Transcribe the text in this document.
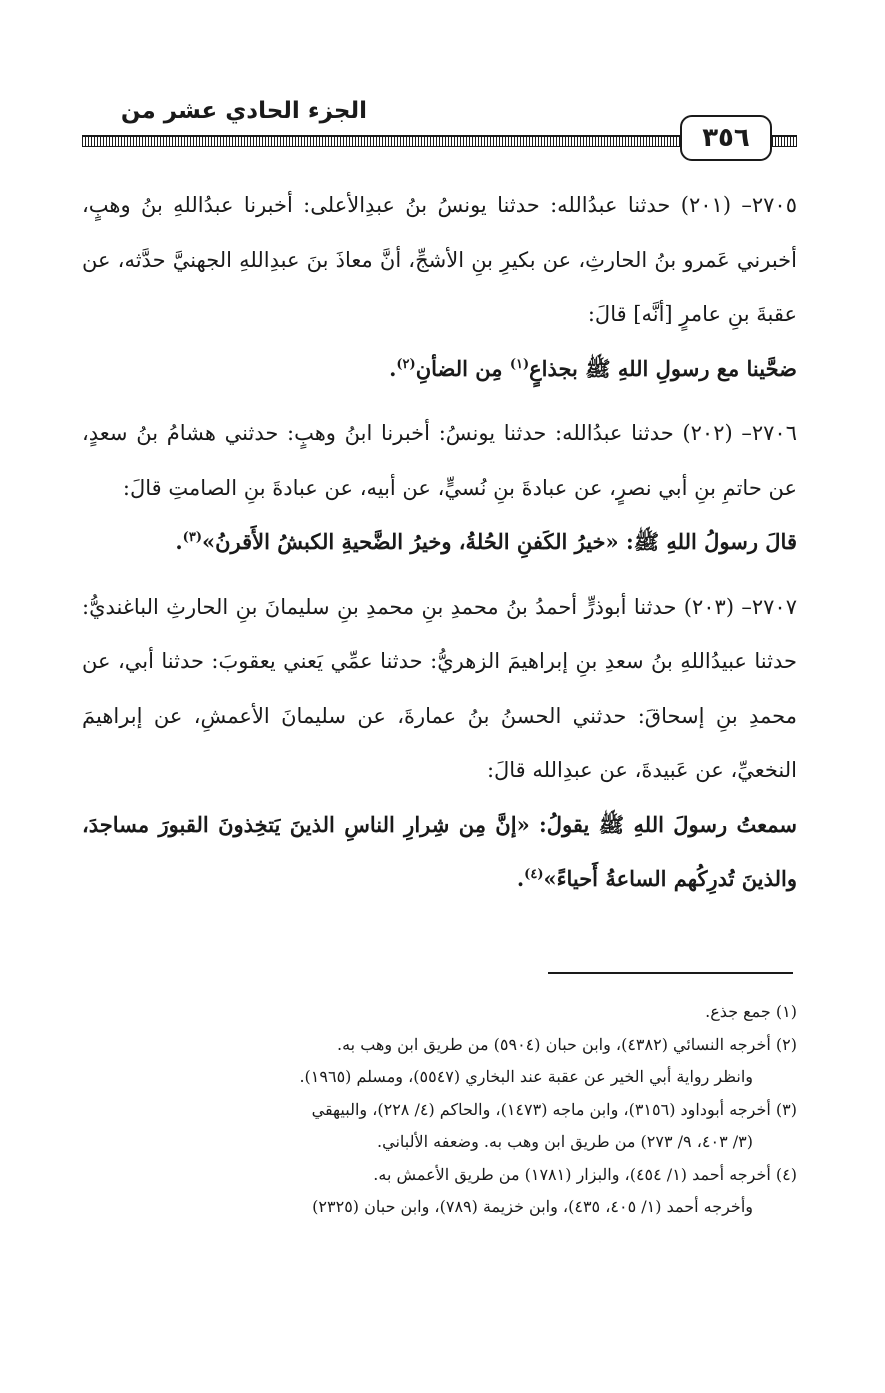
الجزء الحادي عشر من
٣٥٦

٢٧٠٥– (٢٠١) حدثنا عبدُالله: حدثنا يونسُ بنُ عبدِالأعلى: أخبرنا عبدُاللهِ بنُ وهبٍ، أخبرني عَمرو بنُ الحارثِ، عن بكيرِ بنِ الأشجِّ، أنَّ معاذَ بنَ عبدِاللهِ الجهنيَّ حدَّثه، عن عقبةَ بنِ عامرٍ [أنَّه] قالَ:

ضحَّينا مع رسولِ اللهِ ﷺ بجذاعٍ$^{(١)}$ مِن الضأنِ$^{(٢)}$.

٢٧٠٦– (٢٠٢) حدثنا عبدُالله: حدثنا يونسُ: أخبرنا ابنُ وهبٍ: حدثني هشامُ بنُ سعدٍ، عن حاتمِ بنِ أبي نصرٍ، عن عبادةَ بنِ نُسيٍّ، عن أبيه، عن عبادةَ بنِ الصامتِ قالَ:

قالَ رسولُ اللهِ ﷺ: «خيرُ الكَفنِ الحُلةُ، وخيرُ الضَّحيةِ الكبشُ الأَقرنُ»$^{(٣)}$.

٢٧٠٧– (٢٠٣) حدثنا أبوذرٍّ أحمدُ بنُ محمدِ بنِ محمدِ بنِ سليمانَ بنِ الحارثِ الباغنديُّ: حدثنا عبيدُاللهِ بنُ سعدِ بنِ إبراهيمَ الزهريُّ: حدثنا عمِّي يَعني يعقوبَ: حدثنا أبي، عن محمدِ بنِ إسحاقَ: حدثني الحسنُ بنُ عمارةَ، عن سليمانَ الأعمشِ، عن إبراهيمَ النخعيِّ، عن عَبيدةَ، عن عبدِالله قالَ:

سمعتُ رسولَ اللهِ ﷺ يقولُ: «إنَّ مِن شِرارِ الناسِ الذينَ يَتخِذونَ القبورَ مساجدَ، والذينَ تُدرِكُهم الساعةُ أَحياءً»$^{(٤)}$.

(١) جمع جذع.

(٢) أخرجه النسائي (٤٣٨٢)، وابن حبان (٥٩٠٤) من طريق ابن وهب به.

وانظر رواية أبي الخير عن عقبة عند البخاري (٥٥٤٧)، ومسلم (١٩٦٥).

(٣) أخرجه أبوداود (٣١٥٦)، وابن ماجه (١٤٧٣)، والحاكم (٤/ ٢٢٨)، والبيهقي

(٣/ ٤٠٣، ٩/ ٢٧٣) من طريق ابن وهب به. وضعفه الألباني.

(٤) أخرجه أحمد (١/ ٤٥٤)، والبزار (١٧٨١) من طريق الأعمش به.

وأخرجه أحمد (١/ ٤٠٥، ٤٣٥)، وابن خزيمة (٧٨٩)، وابن حبان (٢٣٢٥)
